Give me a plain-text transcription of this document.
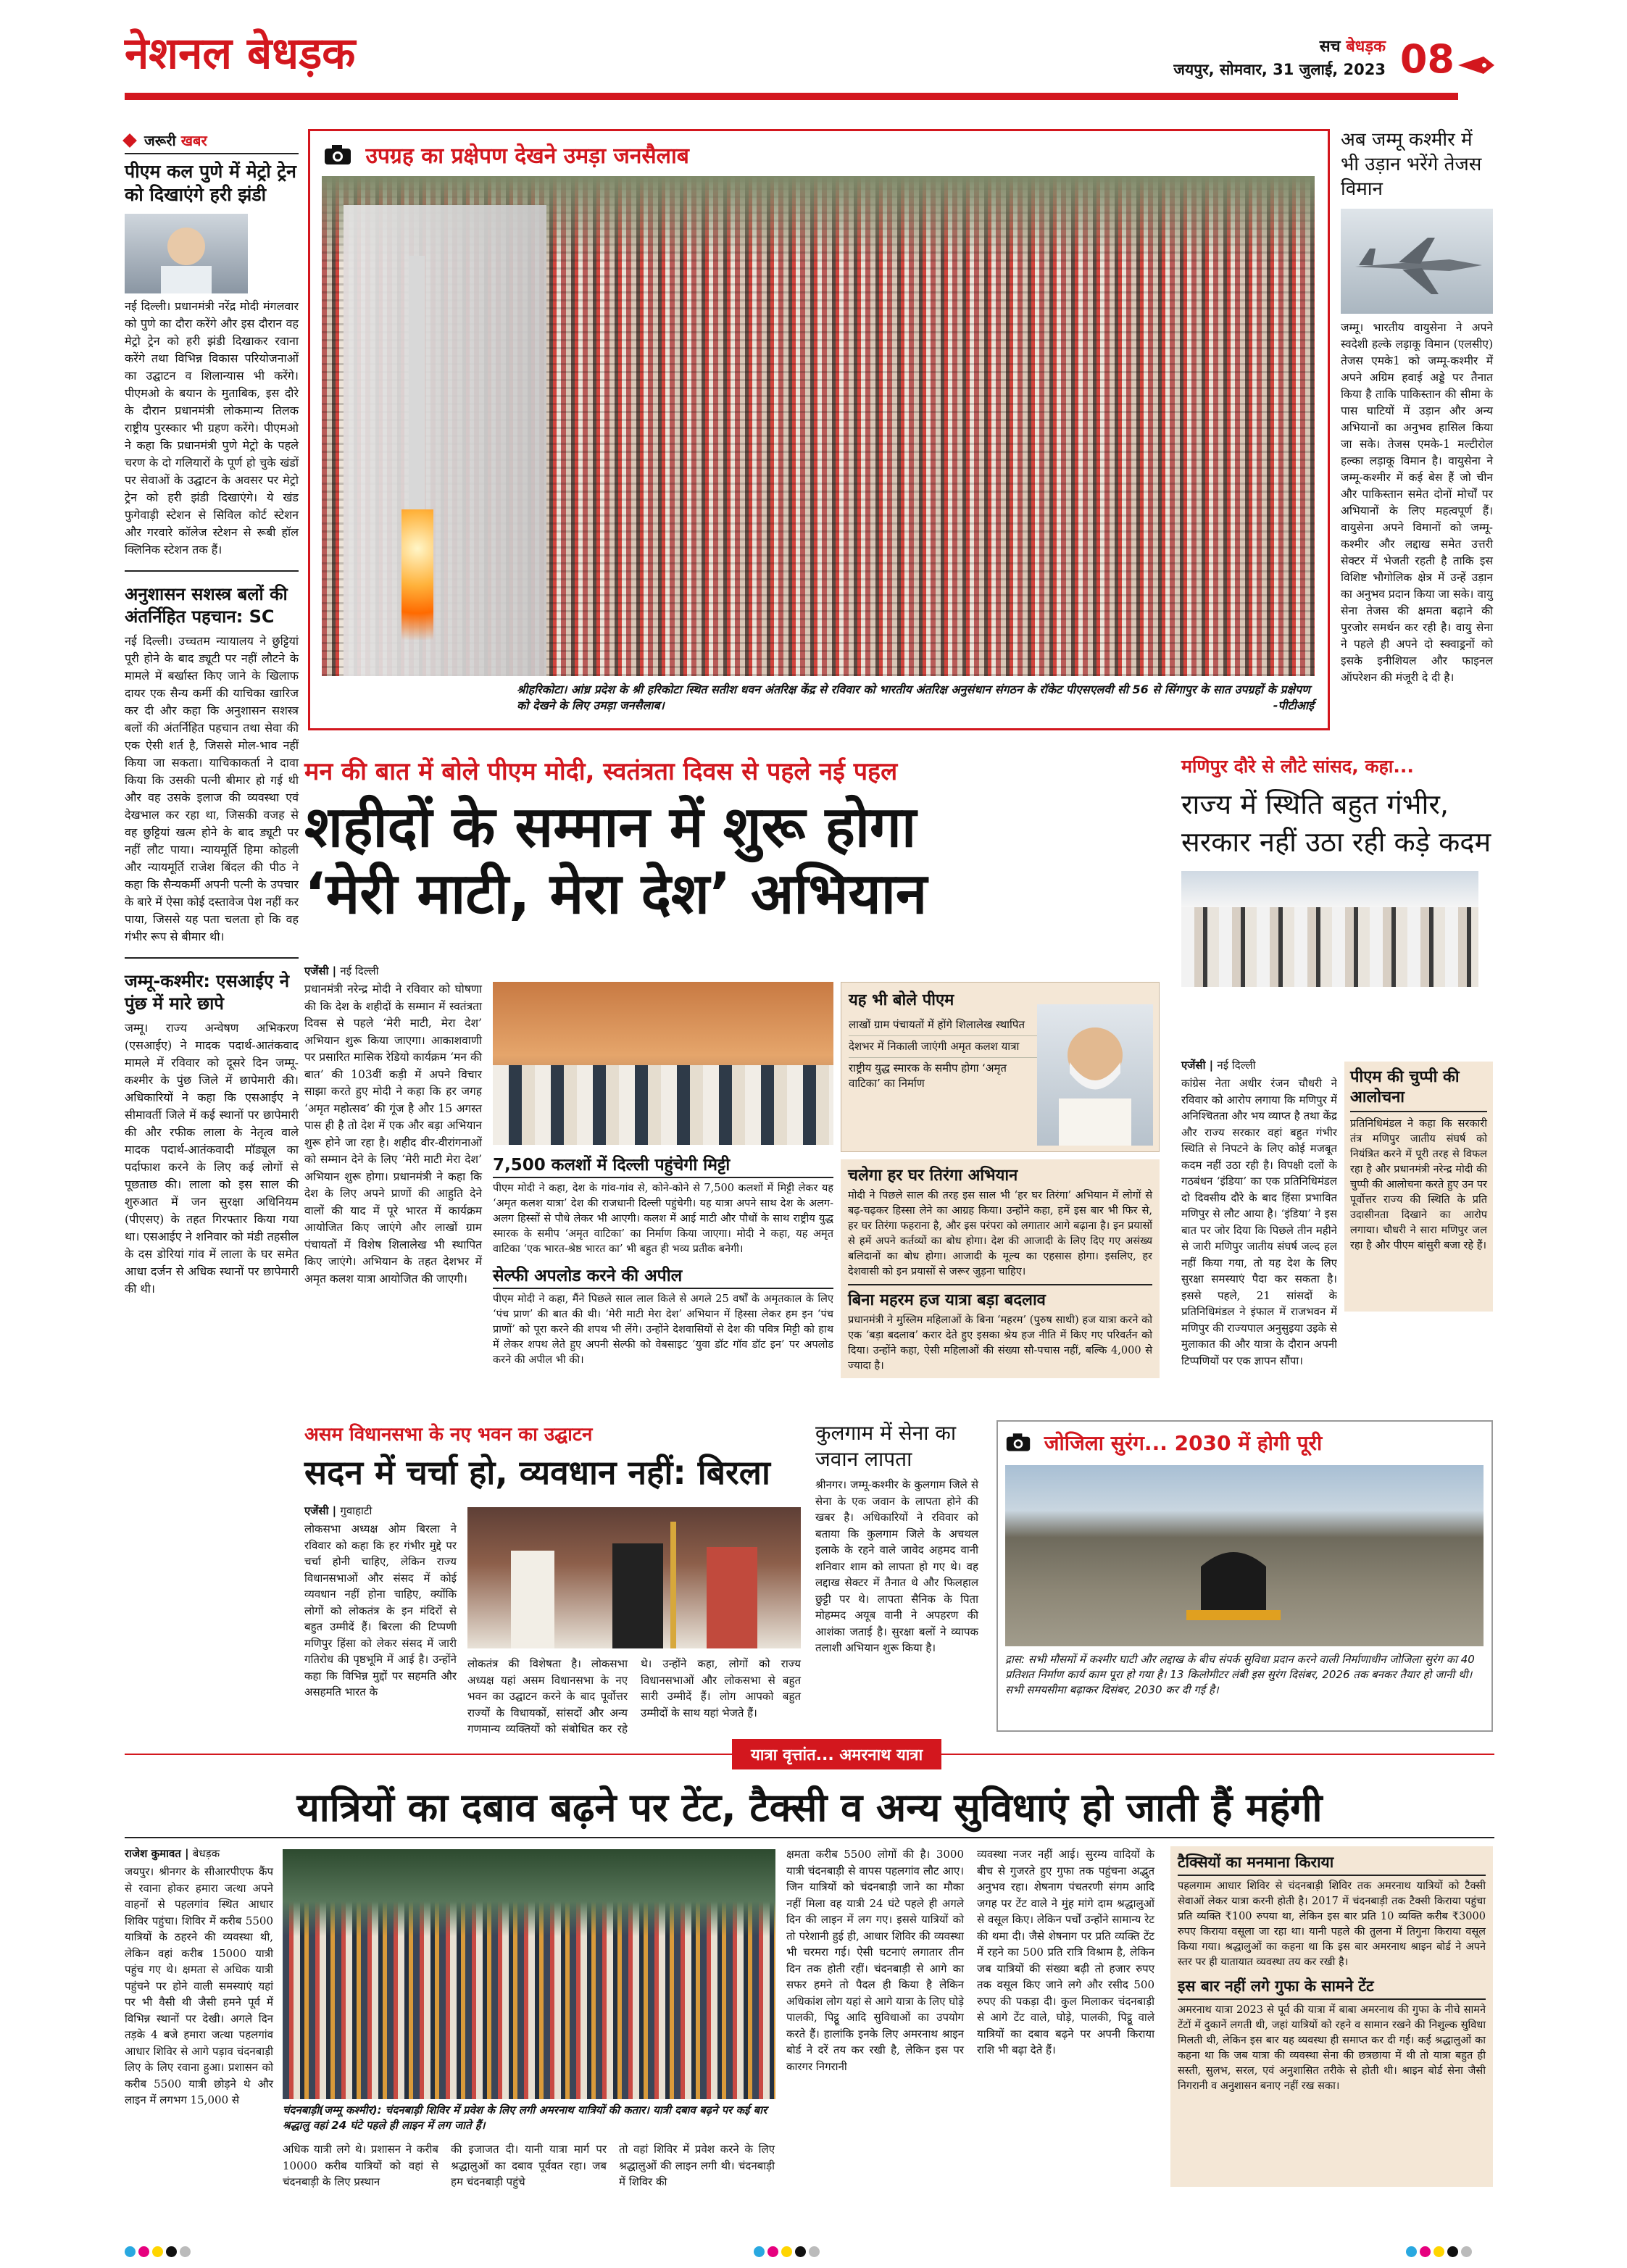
नेशनल बेधड़क	सच बेधड़क
जयपुर, सोमवार, 31 जुलाई, 2023 08
जरूरी खबर
पीएम कल पुणे में मेट्रो ट्रेन को दिखाएंगे हरी झंडी
नई दिल्ली। प्रधानमंत्री नरेंद्र मोदी मंगलवार को पुणे का दौरा करेंगे और इस दौरान वह मेट्रो ट्रेन को हरी झंडी दिखाकर रवाना करेंगे तथा विभिन्न विकास परियोजनाओं का उद्घाटन व शिलान्यास भी करेंगे। पीएमओ के बयान के मुताबिक, इस दौरे के दौरान प्रधानमंत्री लोकमान्य तिलक राष्ट्रीय पुरस्कार भी ग्रहण करेंगे। पीएमओ ने कहा कि प्रधानमंत्री पुणे मेट्रो के पहले चरण के दो गलियारों के पूर्ण हो चुके खंडों पर सेवाओं के उद्घाटन के अवसर पर मेट्रो ट्रेन को हरी झंडी दिखाएंगे। ये खंड फुगेवाड़ी स्टेशन से सिविल कोर्ट स्टेशन और गरवारे कॉलेज स्टेशन से रूबी हॉल क्लिनिक स्टेशन तक हैं।
अनुशासन सशस्त्र बलों की अंतर्निहित पहचान: SC
नई दिल्ली। उच्चतम न्यायालय ने छुट्टियां पूरी होने के बाद ड्यूटी पर नहीं लौटने के मामले में बर्खास्त किए जाने के खिलाफ दायर एक सैन्य कर्मी की याचिका खारिज कर दी और कहा कि अनुशासन सशस्त्र बलों की अंतर्निहित पहचान तथा सेवा की एक ऐसी शर्त है, जिससे मोल-भाव नहीं किया जा सकता। याचिकाकर्ता ने दावा किया कि उसकी पत्नी बीमार हो गई थी और वह उसके इलाज की व्यवस्था एवं देखभाल कर रहा था, जिसकी वजह से वह छुट्टियां खत्म होने के बाद ड्यूटी पर नहीं लौट पाया। न्यायमूर्ति हिमा कोहली और न्यायमूर्ति राजेश बिंदल की पीठ ने कहा कि सैन्यकर्मी अपनी पत्नी के उपचार के बारे में ऐसा कोई दस्तावेज पेश नहीं कर पाया, जिससे यह पता चलता हो कि वह गंभीर रूप से बीमार थी।
जम्मू-कश्मीर: एसआईए ने पुंछ में मारे छापे
जम्मू। राज्य अन्वेषण अभिकरण (एसआईए) ने मादक पदार्थ-आतंकवाद मामले में रविवार को दूसरे दिन जम्मू-कश्मीर के पुंछ जिले में छापेमारी की। अधिकारियों ने कहा कि एसआईए ने सीमावर्ती जिले में कई स्थानों पर छापेमारी की और रफीक लाला के नेतृत्व वाले मादक पदार्थ-आतंकवादी मॉड्यूल का पर्दाफाश करने के लिए कई लोगों से पूछताछ की। लाला को इस साल की शुरुआत में जन सुरक्षा अधिनियम (पीएसए) के तहत गिरफ्तार किया गया था। एसआईए ने शनिवार को मंडी तहसील के दस डोरियां गांव में लाला के घर समेत आधा दर्जन से अधिक स्थानों पर छापेमारी की थी।
उपग्रह का प्रक्षेपण देखने उमड़ा जनसैलाब
श्रीहरिकोटा। आंध्र प्रदेश के श्री हरिकोटा स्थित सतीश धवन अंतरिक्ष केंद्र से रविवार को भारतीय अंतरिक्ष अनुसंधान संगठन के रॉकेट पीएसएलवी सी 56 से सिंगापुर के सात उपग्रहों के प्रक्षेपण को देखने के लिए उमड़ा जनसैलाब।	-पीटीआई
अब जम्मू कश्मीर में भी उड़ान भरेंगे तेजस विमान
जम्मू। भारतीय वायुसेना ने अपने स्वदेशी हल्के लड़ाकू विमान (एलसीए) तेजस एमके1 को जम्मू-कश्मीर में अपने अग्रिम हवाई अड्डे पर तैनात किया है ताकि पाकिस्तान की सीमा के पास घाटियों में उड़ान और अन्य अभियानों का अनुभव हासिल किया जा सके। तेजस एमके-1 मल्टीरोल हल्का लड़ाकू विमान है। वायुसेना ने जम्मू-कश्मीर में कई बेस हैं जो चीन और पाकिस्तान समेत दोनों मोर्चों पर अभियानों के लिए महत्वपूर्ण हैं। वायुसेना अपने विमानों को जम्मू-कश्मीर और लद्दाख समेत उत्तरी सेक्टर में भेजती रहती है ताकि इस विशिष्ट भौगोलिक क्षेत्र में उन्हें उड़ान का अनुभव प्रदान किया जा सके। वायु सेना तेजस की क्षमता बढ़ाने की पुरजोर समर्थन कर रही है। वायु सेना ने पहले ही अपने दो स्क्वाड्रनों को इसके इनीशियल और फाइनल ऑपरेशन की मंजूरी दे दी है।
मन की बात में बोले पीएम मोदी, स्वतंत्रता दिवस से पहले नई पहल
शहीदों के सम्मान में शुरू होगा
‘मेरी माटी, मेरा देश’ अभियान
एजेंसी | नई दिल्ली
प्रधानमंत्री नरेन्द्र मोदी ने रविवार को घोषणा की कि देश के शहीदों के सम्मान में स्वतंत्रता दिवस से पहले ‘मेरी माटी, मेरा देश’ अभियान शुरू किया जाएगा। आकाशवाणी पर प्रसारित मासिक रेडियो कार्यक्रम ‘मन की बात’ की 103वीं कड़ी में अपने विचार साझा करते हुए मोदी ने कहा कि हर जगह ‘अमृत महोत्सव’ की गूंज है और 15 अगस्त पास ही है तो देश में एक और बड़ा अभियान शुरू होने जा रहा है। शहीद वीर-वीरांगनाओं को सम्मान देने के लिए ‘मेरी माटी मेरा देश’ अभियान शुरू होगा। प्रधानमंत्री ने कहा कि देश के लिए अपने प्राणों की आहुति देने वालों की याद में पूरे भारत में कार्यक्रम आयोजित किए जाएंगे और लाखों ग्राम पंचायतों में विशेष शिलालेख भी स्थापित किए जाएंगे। अभियान के तहत देशभर में अमृत कलश यात्रा आयोजित की जाएगी।
यह भी बोले पीएम
लाखों ग्राम पंचायतों में होंगे शिलालेख स्थापित
देशभर में निकाली जाएंगी अमृत कलश यात्रा
राष्ट्रीय युद्ध स्मारक के समीप होगा ‘अमृत वाटिका’ का निर्माण
7,500 कलशों में दिल्ली पहुंचेगी मिट्टी
पीएम मोदी ने कहा, देश के गांव-गांव से, कोने-कोने से 7,500 कलशों में मिट्टी लेकर यह ‘अमृत कलश यात्रा’ देश की राजधानी दिल्ली पहुंचेगी। यह यात्रा अपने साथ देश के अलग-अलग हिस्सों से पौधे लेकर भी आएगी। कलश में आई माटी और पौधों के साथ राष्ट्रीय युद्ध स्मारक के समीप ‘अमृत वाटिका’ का निर्माण किया जाएगा। मोदी ने कहा, यह अमृत वाटिका ‘एक भारत-श्रेष्ठ भारत का’ भी बहुत ही भव्य प्रतीक बनेगी।
सेल्फी अपलोड करने की अपील
पीएम मोदी ने कहा, मैंने पिछले साल लाल किले से अगले 25 वर्षों के अमृतकाल के लिए ‘पंच प्राण’ की बात की थी। ‘मेरी माटी मेरा देश’ अभियान में हिस्सा लेकर हम इन ‘पंच प्राणों’ को पूरा करने की शपथ भी लेंगे। उन्होंने देशवासियों से देश की पवित्र मिट्टी को हाथ में लेकर शपथ लेते हुए अपनी सेल्फी को वेबसाइट ‘युवा डॉट गॉव डॉट इन’ पर अपलोड करने की अपील भी की।
चलेगा हर घर तिरंगा अभियान
मोदी ने पिछले साल की तरह इस साल भी ‘हर घर तिरंगा’ अभियान में लोगों से बढ़-चढ़कर हिस्सा लेने का आग्रह किया। उन्होंने कहा, हमें इस बार भी फिर से, हर घर तिरंगा फहराना है, और इस परंपरा को लगातार आगे बढ़ाना है। इन प्रयासों से हमें अपने कर्तव्यों का बोध होगा। देश की आजादी के लिए दिए गए असंख्य बलिदानों का बोध होगा। आजादी के मूल्य का एहसास होगा। इसलिए, हर देशवासी को इन प्रयासों से जरूर जुड़ना चाहिए।
बिना महरम हज यात्रा बड़ा बदलाव
प्रधानमंत्री ने मुस्लिम महिलाओं के बिना ‘महरम’ (पुरुष साथी) हज यात्रा करने को एक ‘बड़ा बदलाव’ करार देते हुए इसका श्रेय हज नीति में किए गए परिवर्तन को दिया। उन्होंने कहा, ऐसी महिलाओं की संख्या सौ-पचास नहीं, बल्कि 4,000 से ज्यादा है।
मणिपुर दौरे से लौटे सांसद, कहा...
राज्य में स्थिति बहुत गंभीर, सरकार नहीं उठा रही कड़े कदम
एजेंसी | नई दिल्ली
कांग्रेस नेता अधीर रंजन चौधरी ने रविवार को आरोप लगाया कि मणिपुर में अनिश्चितता और भय व्याप्त है तथा केंद्र और राज्य सरकार वहां बहुत गंभीर स्थिति से निपटने के लिए कोई मजबूत कदम नहीं उठा रही है। विपक्षी दलों के गठबंधन ‘इंडिया’ का एक प्रतिनिधिमंडल दो दिवसीय दौरे के बाद हिंसा प्रभावित मणिपुर से लौट आया है। ‘इंडिया’ ने इस बात पर जोर दिया कि पिछले तीन महीने से जारी मणिपुर जातीय संघर्ष जल्द हल नहीं किया गया, तो यह देश के लिए सुरक्षा समस्याएं पैदा कर सकता है। इससे पहले, 21 सांसदों के प्रतिनिधिमंडल ने इंफाल में राजभवन में मणिपुर की राज्यपाल अनुसुइया उइके से मुलाकात की और यात्रा के दौरान अपनी टिप्पणियों पर एक ज्ञापन सौंपा।
पीएम की चुप्पी की आलोचना
प्रतिनिधिमंडल ने कहा कि सरकारी तंत्र मणिपुर जातीय संघर्ष को नियंत्रित करने में पूरी तरह से विफल रहा है और प्रधानमंत्री नरेन्द्र मोदी की चुप्पी की आलोचना करते हुए उन पर पूर्वोत्तर राज्य की स्थिति के प्रति उदासीनता दिखाने का आरोप लगाया। चौधरी ने सारा मणिपुर जल रहा है और पीएम बांसुरी बजा रहे हैं।
असम विधानसभा के नए भवन का उद्घाटन
सदन में चर्चा हो, व्यवधान नहीं: बिरला
एजेंसी | गुवाहाटी
लोकसभा अध्यक्ष ओम बिरला ने रविवार को कहा कि हर गंभीर मुद्दे पर चर्चा होनी चाहिए, लेकिन राज्य विधानसभाओं और संसद में कोई व्यवधान नहीं होना चाहिए, क्योंकि लोगों को लोकतंत्र के इन मंदिरों से बहुत उम्मीदें हैं। बिरला की टिप्पणी मणिपुर हिंसा को लेकर संसद में जारी गतिरोध की पृष्ठभूमि में आई है। उन्होंने कहा कि विभिन्न मुद्दों पर सहमति और असहमति भारत के
लोकतंत्र की विशेषता है। लोकसभा अध्यक्ष यहां असम विधानसभा के नए भवन का उद्घाटन करने के बाद पूर्वोत्तर राज्यों के विधायकों, सांसदों और अन्य गणमान्य व्यक्तियों को संबोधित कर रहे थे। उन्होंने कहा, लोगों को राज्य विधानसभाओं और लोकसभा से बहुत सारी उम्मीदें हैं। लोग आपको बहुत उम्मीदों के साथ यहां भेजते हैं।
कुलगाम में सेना का जवान लापता
श्रीनगर। जम्मू-कश्मीर के कुलगाम जिले से सेना के एक जवान के लापता होने की खबर है। अधिकारियों ने रविवार को बताया कि कुलगाम जिले के अचथल इलाके के रहने वाले जावेद अहमद वानी शनिवार शाम को लापता हो गए थे। वह लद्दाख सेक्टर में तैनात थे और फिलहाल छुट्टी पर थे। लापता सैनिक के पिता मोहम्मद अयूब वानी ने अपहरण की आशंका जताई है। सुरक्षा बलों ने व्यापक तलाशी अभियान शुरू किया है।
जोजिला सुरंग... 2030 में होगी पूरी
द्रास: सभी मौसमों में कश्मीर घाटी और लद्दाख के बीच संपर्क सुविधा प्रदान करने वाली निर्माणाधीन जोजिला सुरंग का 40 प्रतिशत निर्माण कार्य काम पूरा हो गया है। 13 किलोमीटर लंबी इस सुरंग दिसंबर, 2026 तक बनकर तैयार हो जानी थी। सभी समयसीमा बढ़ाकर दिसंबर, 2030 कर दी गई है।
यात्रा वृत्तांत... अमरनाथ यात्रा
यात्रियों का दबाव बढ़ने पर टेंट, टैक्सी व अन्य सुविधाएं हो जाती हैं महंगी
राजेश कुमावत | बेधड़क
जयपुर। श्रीनगर के सीआरपीएफ कैंप से रवाना होकर हमारा जत्था अपने वाहनों से पहलगांव स्थित आधार शिविर पहुंचा। शिविर में करीब 5500 यात्रियों के ठहरने की व्यवस्था थी, लेकिन वहां करीब 15000 यात्री पहुंच गए थे। क्षमता से अधिक यात्री पहुंचने पर होने वाली समस्याएं यहां पर भी वैसी थी जैसी हमने पूर्व में विभिन्न स्थानों पर देखी। अगले दिन तड़के 4 बजे हमारा जत्था पहलगांव आधार शिविर से आगे पड़ाव चंदनबाड़ी लिए के लिए रवाना हुआ। प्रशासन को करीब 5500 यात्री छोड़ने थे और लाइन में लगभग 15,000 से
चंदनबाड़ी(जम्मू कश्मीर): चंदनबाड़ी शिविर में प्रवेश के लिए लगी अमरनाथ यात्रियों की कतार। यात्री दबाव बढ़ने पर कई बार श्रद्धालु वहां 24 घंटे पहले ही लाइन में लग जाते हैं।
अधिक यात्री लगे थे। प्रशासन ने करीब 10000 करीब यात्रियों को वहां से चंदनबाड़ी के लिए प्रस्थान
की इजाजत दी। यानी यात्रा मार्ग पर श्रद्धालुओं का दबाव पूर्ववत रहा। जब हम चंदनबाड़ी पहुंचे
तो वहां शिविर में प्रवेश करने के लिए श्रद्धालुओं की लाइन लगी थी। चंदनबाड़ी में शिविर की
क्षमता करीब 5500 लोगों की है। 3000 यात्री चंदनबाड़ी से वापस पहलगांव लौट आए। जिन यात्रियों को चंदनबाड़ी जाने का मौका नहीं मिला वह यात्री 24 घंटे पहले ही अगले दिन की लाइन में लग गए। इससे यात्रियों को तो परेशानी हुई ही, आधार शिविर की व्यवस्था भी चरमरा गई। ऐसी घटनाएं लगातार तीन दिन तक होती रहीं। चंदनबाड़ी से आगे का सफर हमने तो पैदल ही किया है लेकिन अधिकांश लोग यहां से आगे यात्रा के लिए घोड़े पालकी, पिट्ठू आदि सुविधाओं का उपयोग करते हैं। हालांकि इनके लिए अमरनाथ श्राइन बोर्ड ने दरें तय कर रखी है, लेकिन इस पर कारगर निगरानी
व्यवस्था नजर नहीं आई। सुरम्य वादियों के बीच से गुजरते हुए गुफा तक पहुंचना अद्भुत अनुभव रहा। शेषनाग पंचतरणी संगम आदि जगह पर टेंट वाले ने मुंह मांगे दाम श्रद्धालुओं से वसूल किए। लेकिन पर्चों उन्होंने सामान्य रेट की थमा दी। जैसे शेषनाग पर प्रति व्यक्ति टेंट में रहने का 500 प्रति रात्रि विश्राम है, लेकिन जब यात्रियों की संख्या बढ़ी तो हजार रुपए तक वसूल किए जाने लगे और रसीद 500 रुपए की पकड़ा दी। कुल मिलाकर चंदनबाड़ी से आगे टेंट वाले, घोड़े, पालकी, पिट्ठू वाले यात्रियों का दबाव बढ़ने पर अपनी किराया राशि भी बढ़ा देते हैं।
टैक्सियों का मनमाना किराया
पहलगाम आधार शिविर से चंदनबाड़ी शिविर तक अमरनाथ यात्रियों को टैक्सी सेवाओं लेकर यात्रा करनी होती है। 2017 में चंदनबाड़ी तक टैक्सी किराया पहुंचा प्रति व्यक्ति ₹100 रुपया था, लेकिन इस बार प्रति 10 व्यक्ति करीब ₹3000 रुपए किराया वसूला जा रहा था। यानी पहले की तुलना में तिगुना किराया वसूल किया गया। श्रद्धालुओं का कहना था कि इस बार अमरनाथ श्राइन बोर्ड ने अपने स्तर पर ही यातायात व्यवस्था तय कर रखी है।
इस बार नहीं लगे गुफा के सामने टेंट
अमरनाथ यात्रा 2023 से पूर्व की यात्रा में बाबा अमरनाथ की गुफा के नीचे सामने टेंटों में दुकानें लगती थी, जहां यात्रियों को रहने व सामान रखने की निशुल्क सुविधा मिलती थी, लेकिन इस बार यह व्यवस्था ही समाप्त कर दी गई। कई श्रद्धालुओं का कहना था कि जब यात्रा की व्यवस्था सेना की छत्रछाया में थी तो यात्रा बहुत ही सस्ती, सुलभ, सरल, एवं अनुशासित तरीके से होती थी। श्राइन बोर्ड सेना जैसी निगरानी व अनुशासन बनाए नहीं रख सका।
